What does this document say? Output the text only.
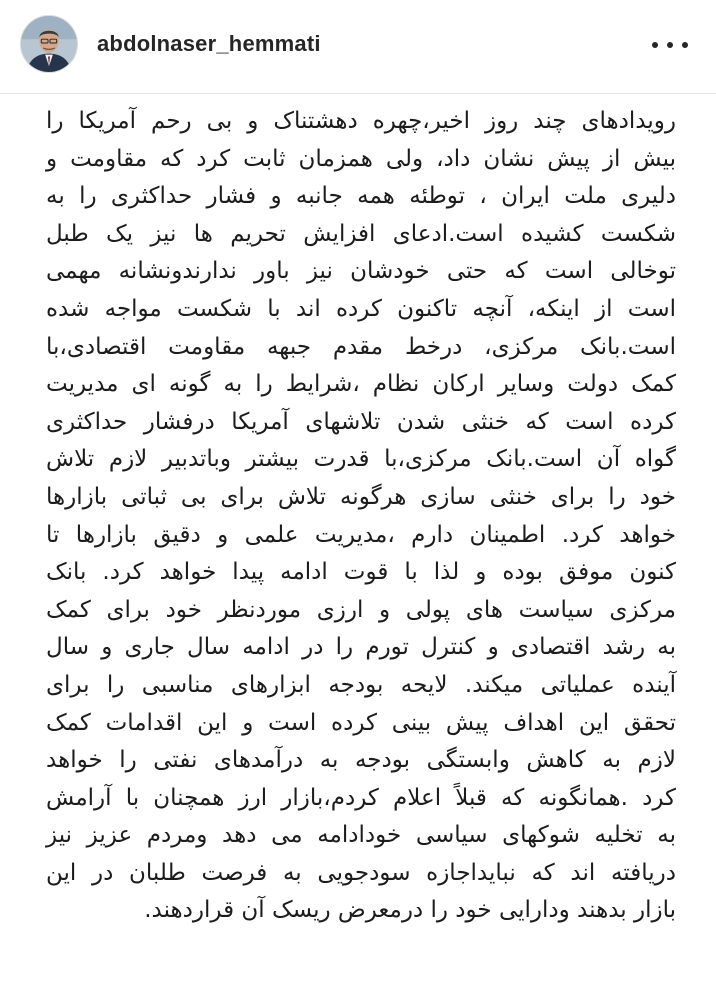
abdolnaser_hemmati
رویدادهای چند روز اخیر،چهره دهشتناک و بی رحم آمریکا را
بیش از پیش نشان داد، ولی همزمان ثابت کرد که مقاومت و
دلیری ملت ایران ، توطئه همه جانبه و فشار حداکثری را به
شکست کشیده است.ادعای افزایش تحریم ها نیز یک طبل
توخالی است که حتی خودشان نیز باور ندارندونشانه مهمی
است از اینکه، آنچه تاکنون کرده اند با شکست مواجه شده
است.بانک مرکزی، درخط مقدم جبهه مقاومت اقتصادی،با
کمک دولت وسایر ارکان نظام ،شرایط را به گونه ای مدیریت
کرده است که خنثی شدن تلاشهای آمریکا درفشار حداکثری
گواه آن است.بانک مرکزی،با قدرت بیشتر وباتدبیر لازم تلاش
خود را برای خنثی سازی هرگونه تلاش برای بی ثباتی بازارها
خواهد کرد. اطمینان دارم ،مدیریت علمی و دقیق بازارها تا
کنون موفق بوده و لذا با قوت ادامه پیدا خواهد کرد. بانک
مرکزی سیاست های پولی و ارزی موردنظر خود برای کمک
به رشد اقتصادی و کنترل تورم را در ادامه سال جاری و سال
آینده عملیاتی میکند. لایحه بودجه ابزارهای مناسبی را برای
تحقق این اهداف پیش بینی کرده است و این اقدامات کمک
لازم به کاهش وابستگی بودجه به درآمدهای نفتی را خواهد
کرد .همانگونه که قبلاً اعلام کردم،بازار ارز همچنان با آرامش
به تخلیه شوکهای سیاسی خودادامه می دهد ومردم عزیز نیز
دریافته اند که نبایداجازه سودجویی به فرصت طلبان در این
بازار بدهند ودارایی خود را درمعرض ریسک آن قراردهند.
